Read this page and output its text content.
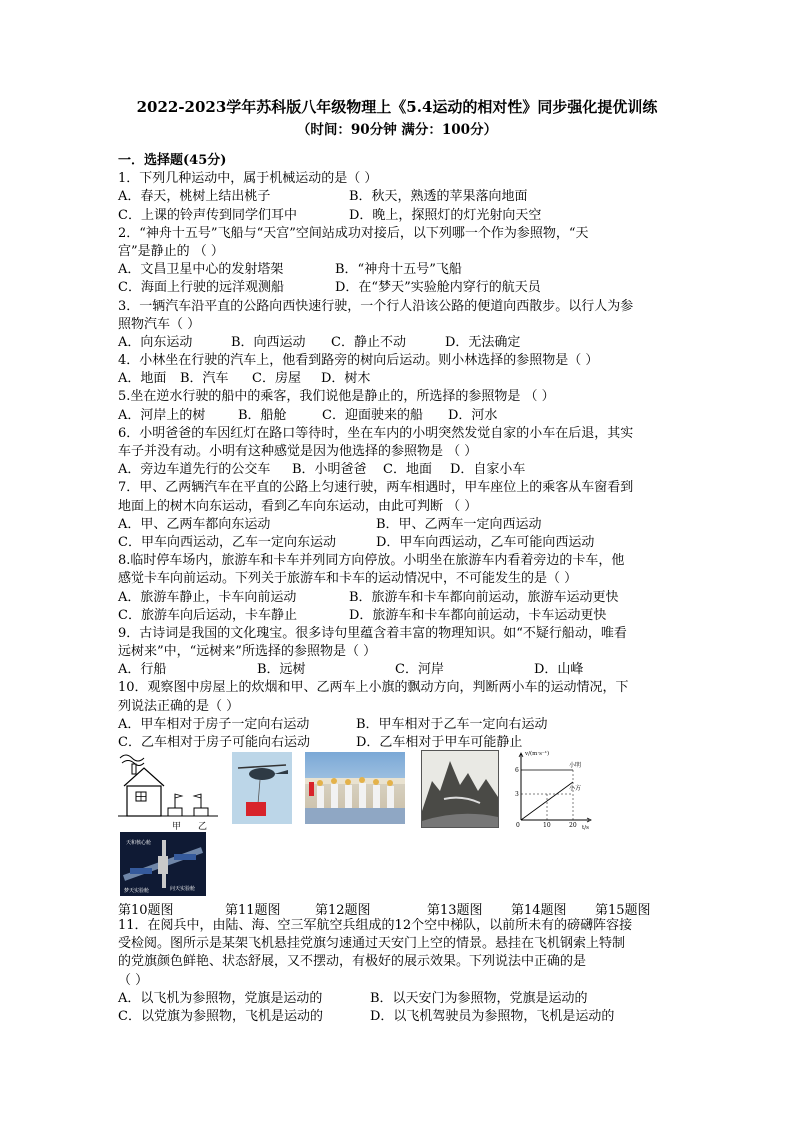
2022-2023学年苏科版八年级物理上《5.4运动的相对性》同步强化提优训练
（时间：90分钟 满分：100分）
一．选择题(45分)
1．下列几种运动中，属于机械运动的是（ ）
A．春天，桃树上结出桃子	B．秋天，熟透的苹果落向地面
C．上课的铃声传到同学们耳中	D．晚上，探照灯的灯光射向天空
2．“神舟十五号”飞船与“天宫”空间站成功对接后，以下列哪一个作为参照物，“天
宫”是静止的 （ ）
A．文昌卫星中心的发射塔架	B．“神舟十五号”飞船
C．海面上行驶的远洋观测船	D．在“梦天”实验舱内穿行的航天员
3．一辆汽车沿平直的公路向西快速行驶，一个行人沿该公路的便道向西散步。以行人为参
照物汽车（ ）
A．向东运动	B．向西运动 C．静止不动	D．无法确定
4．小林坐在行驶的汽车上，他看到路旁的树向后运动。则小林选择的参照物是（ ）
A．地面 B．汽车 C．房屋 D．树木
5.坐在逆水行驶的船中的乘客，我们说他是静止的，所选择的参照物是 （ ）
A．河岸上的树	B．船舱	C．迎面驶来的船 D．河水
6．小明爸爸的车因红灯在路口等待时，坐在车内的小明突然发觉自家的小车在后退，其实
车子并没有动。小明有这种感觉是因为他选择的参照物是 （ ）
A．旁边车道先行的公交车 B．小明爸爸 C．地面 D．自家小车
7．甲、乙两辆汽车在平直的公路上匀速行驶，两车相遇时，甲车座位上的乘客从车窗看到
地面上的树木向东运动，看到乙车向东运动，由此可判断 （ ）
A．甲、乙两车都向东运动	B．甲、乙两车一定向西运动
C．甲车向西运动，乙车一定向东运动	D．甲车向西运动，乙车可能向西运动
8.临时停车场内，旅游车和卡车并列同方向停放。小明坐在旅游车内看着旁边的卡车，他
感觉卡车向前运动。下列关于旅游车和卡车的运动情况中，不可能发生的是（ ）
A．旅游车静止，卡车向前运动	B．旅游车和卡车都向前运动，旅游车运动更快
C．旅游车向后运动，卡车静止	D．旅游车和卡车都向前运动，卡车运动更快
9．古诗词是我国的文化瑰宝。很多诗句里蕴含着丰富的物理知识。如“不疑行船动，唯看
远树来”中，“远树来”所选择的参照物是（ ）
A．行船	B．远树	C．河岸	D．山峰
10．观察图中房屋上的炊烟和甲、乙两车上小旗的飘动方向，判断两小车的运动情况，下
列说法正确的是（ ）
A．甲车相对于房子一定向右运动	B．甲车相对于乙车一定向右运动
C．乙车相对于房子可能向右运动	D．乙车相对于甲车可能静止
甲 乙
v/(m·s⁻¹)
t/s
6
3
0	10	20
小明
小方
天和核心舱
问天实验舱
梦天实验舱
第10题图	第11题图	第12题图	第13题图 第14题图 第15题图
11．在阅兵中，由陆、海、空三军航空兵组成的12个空中梯队，以前所未有的磅礴阵容接
受检阅。图所示是某架飞机悬挂党旗匀速通过天安门上空的情景。悬挂在飞机钢索上特制
的党旗颜色鲜艳、状态舒展，又不摆动，有极好的展示效果。下列说法中正确的是
（ ）
A．以飞机为参照物，党旗是运动的	B．以天安门为参照物，党旗是运动的
C．以党旗为参照物，飞机是运动的	D．以飞机驾驶员为参照物，飞机是运动的
